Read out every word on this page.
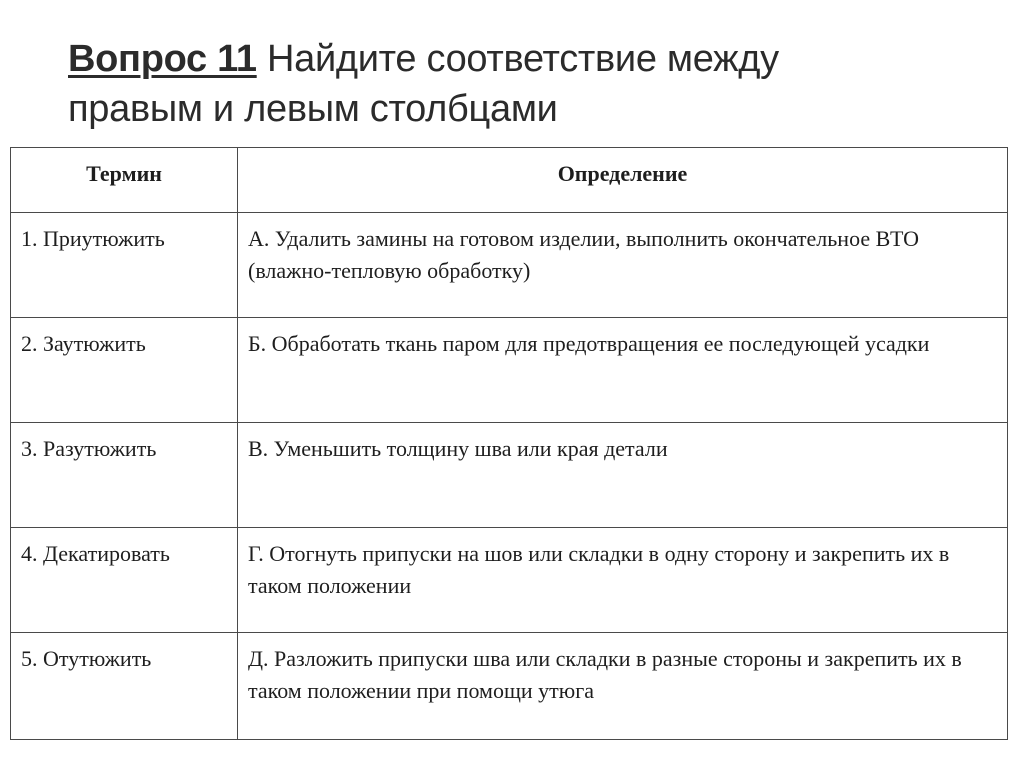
Вопрос 11 Найдите соответствие между
правым и левым столбцами
Термин	Определение
1. Приутюжить	А. Удалить замины на готовом изделии, выполнить окончательное ВТО (влажно-тепловую обработку)
2. Заутюжить	Б. Обработать ткань паром для предотвращения ее последующей усадки
3. Разутюжить	В. Уменьшить толщину шва или края детали
4. Декатировать	Г. Отогнуть припуски на шов или складки в одну сторону и закрепить их в таком положении
5. Отутюжить	Д. Разложить припуски шва или складки в разные стороны и закрепить их в таком положении при помощи утюга
